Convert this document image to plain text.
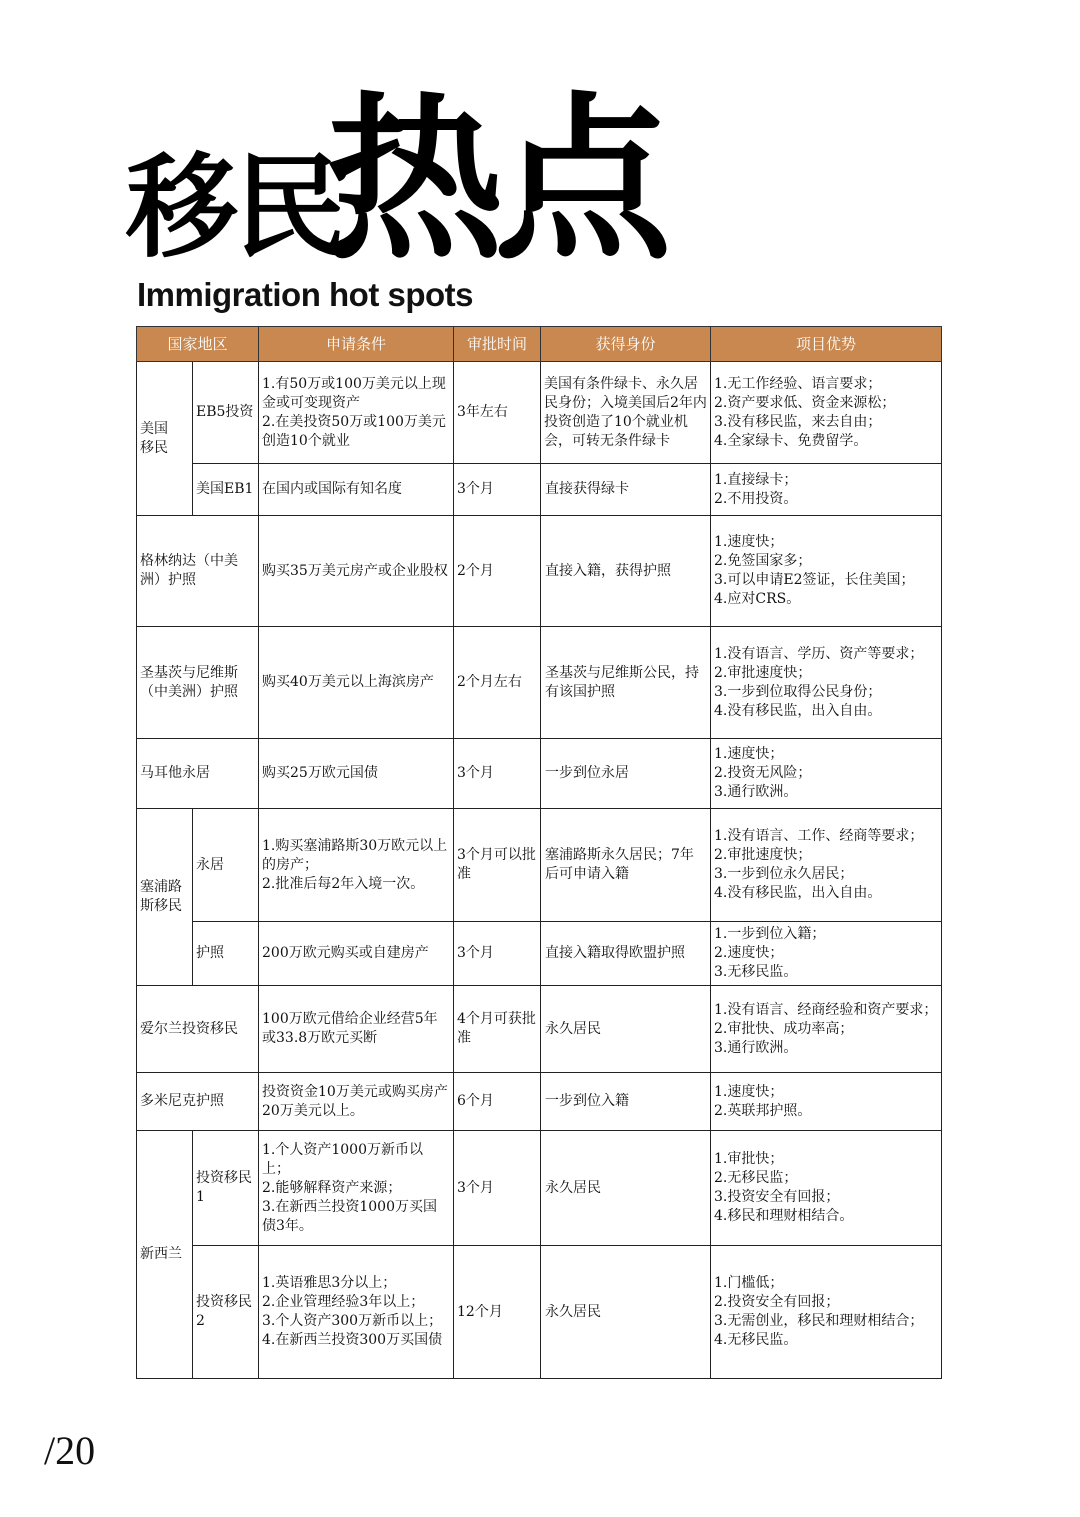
移民
热点
Immigration hot spots
国家地区		申请条件	审批时间	获得身份	项目优势
美国
移民	EB5投资	1.有50万或100万美元以上现金或可变现资产
2.在美投资50万或100万美元创造10个就业	3年左右	美国有条件绿卡、永久居民身份；入境美国后2年内投资创造了10个就业机会，可转无条件绿卡	1.无工作经验、语言要求；
2.资产要求低、资金来源松；
3.没有移民监，来去自由；
4.全家绿卡、免费留学。
	美国EB1	在国内或国际有知名度	3个月	直接获得绿卡	1.直接绿卡；
2.不用投资。
格林纳达（中美洲）护照		购买35万美元房产或企业股权	2个月	直接入籍，获得护照	1.速度快；
2.免签国家多；
3.可以申请E2签证，长住美国；
4.应对CRS。
圣基茨与尼维斯（中美洲）护照		购买40万美元以上海滨房产	2个月左右	圣基茨与尼维斯公民，持有该国护照	1.没有语言、学历、资产等要求；
2.审批速度快；
3.一步到位取得公民身份；
4.没有移民监，出入自由。
马耳他永居		购买25万欧元国债	3个月	一步到位永居	1.速度快；
2.投资无风险；
3.通行欧洲。
塞浦路
斯移民	永居	1.购买塞浦路斯30万欧元以上的房产；
2.批准后每2年入境一次。	3个月可以批准	塞浦路斯永久居民；7年后可申请入籍	1.没有语言、工作、经商等要求；
2.审批速度快；
3.一步到位永久居民；
4.没有移民监，出入自由。
	护照	200万欧元购买或自建房产	3个月	直接入籍取得欧盟护照	1.一步到位入籍；
2.速度快；
3.无移民监。
爱尔兰投资移民		100万欧元借给企业经营5年或33.8万欧元买断	4个月可获批准	永久居民	1.没有语言、经商经验和资产要求；
2.审批快、成功率高；
3.通行欧洲。
多米尼克护照		投资资金10万美元或购买房产20万美元以上。	6个月	一步到位入籍	1.速度快；
2.英联邦护照。
新西兰	投资移民1	1.个人资产1000万新币以上；
2.能够解释资产来源；
3.在新西兰投资1000万买国债3年。	3个月	永久居民	1.审批快；
2.无移民监；
3.投资安全有回报；
4.移民和理财相结合。
	投资移民2	1.英语雅思3分以上；
2.企业管理经验3年以上；
3.个人资产300万新币以上；
4.在新西兰投资300万买国债	12个月	永久居民	1.门槛低；
2.投资安全有回报；
3.无需创业，移民和理财相结合；
4.无移民监。
/20
